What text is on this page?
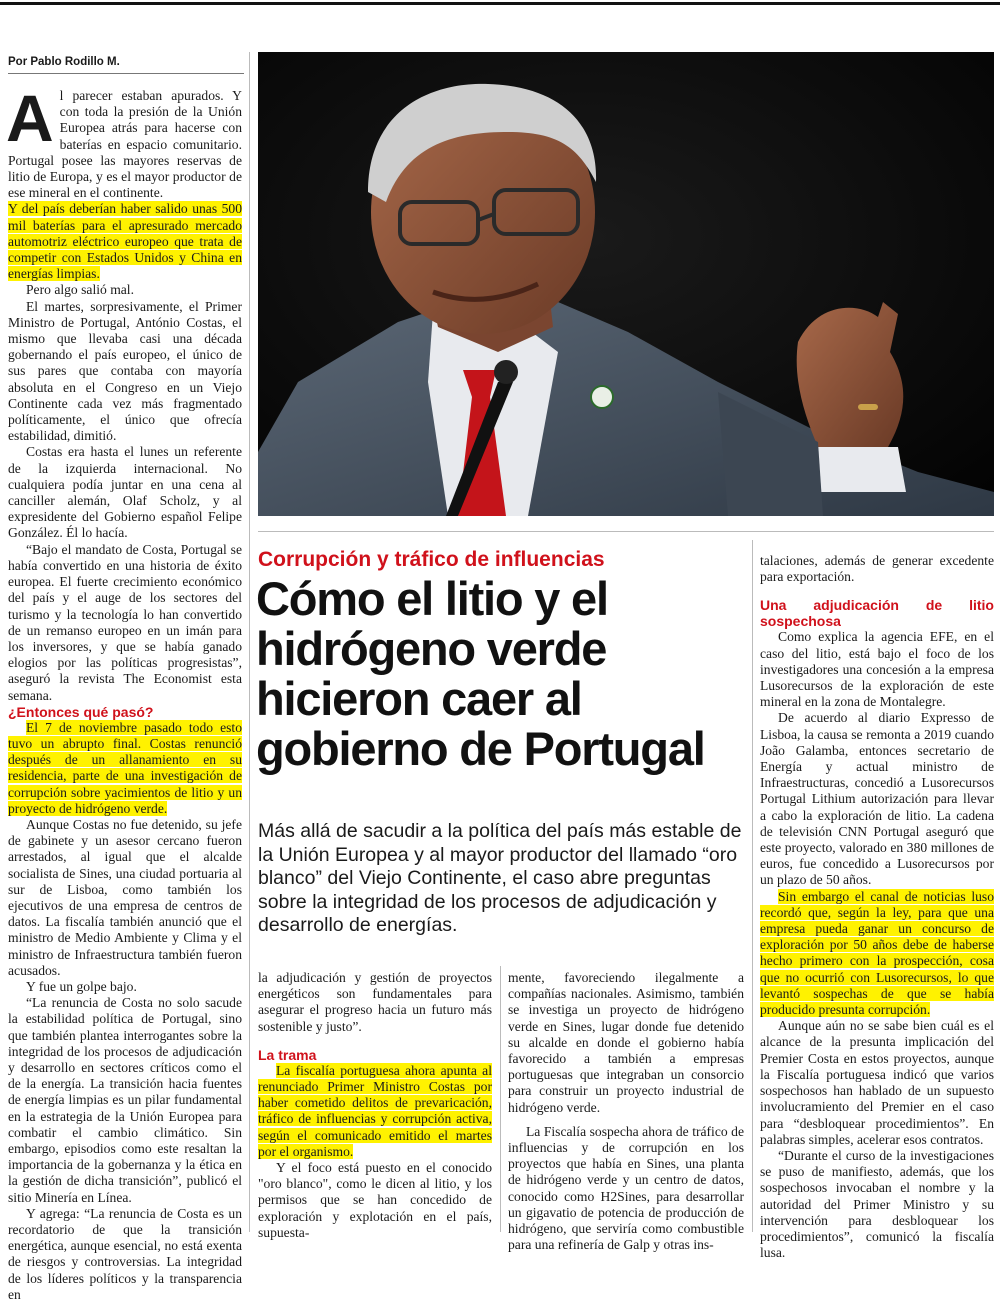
Por Pablo Rodillo M.

Al parecer estaban apurados. Y con toda la presión de la Unión Europea atrás para hacerse con baterías en espacio comunitario. Portugal posee las mayores reservas de litio de Europa, y es el mayor productor de ese mineral en el continente.

Y del país deberían haber salido unas 500 mil baterías para el apresurado mercado automotriz eléctrico europeo que trata de competir con Estados Unidos y China en energías limpias.

Pero algo salió mal.

El martes, sorpresivamente, el Primer Ministro de Portugal, António Costas, el mismo que llevaba casi una década gobernando el país europeo, el único de sus pares que contaba con mayoría absoluta en el Congreso en un Viejo Continente cada vez más fragmentado políticamente, el único que ofrecía estabilidad, dimitió.

Costas era hasta el lunes un referente de la izquierda internacional. No cualquiera podía juntar en una cena al canciller alemán, Olaf Scholz, y al expresidente del Gobierno español Felipe González. Él lo hacía.

“Bajo el mandato de Costa, Portugal se había convertido en una historia de éxito europea. El fuerte crecimiento económico del país y el auge de los sectores del turismo y la tecnología lo han convertido de un remanso europeo en un imán para los inversores, y que se había ganado elogios por las políticas progresistas”, aseguró la revista The Economist esta semana.

¿Entonces qué pasó?

El 7 de noviembre pasado todo esto tuvo un abrupto final. Costas renunció después de un allanamiento en su residencia, parte de una investigación de corrupción sobre yacimientos de litio y un proyecto de hidrógeno verde.

Aunque Costas no fue detenido, su jefe de gabinete y un asesor cercano fueron arrestados, al igual que el alcalde socialista de Sines, una ciudad portuaria al sur de Lisboa, como también los ejecutivos de una empresa de centros de datos. La fiscalía también anunció que el ministro de Medio Ambiente y Clima y el ministro de Infraestructura también fueron acusados.

Y fue un golpe bajo.

“La renuncia de Costa no solo sacude la estabilidad política de Portugal, sino que también plantea interrogantes sobre la integridad de los procesos de adjudicación y desarrollo en sectores críticos como el de la energía. La transición hacia fuentes de energía limpias es un pilar fundamental en la estrategia de la Unión Europea para combatir el cambio climático. Sin embargo, episodios como este resaltan la importancia de la gobernanza y la ética en la gestión de dicha transición”, publicó el sitio Minería en Línea.

Y agrega: “La renuncia de Costa es un recordatorio de que la transición energética, aunque esencial, no está exenta de riesgos y controversias. La integridad de los líderes políticos y la transparencia en

Corrupción y tráfico de influencias
Cómo el litio y el hidrógeno verde hicieron caer al gobierno de Portugal
Más allá de sacudir a la política del país más estable de la Unión Europea y al mayor productor del llamado “oro blanco” del Viejo Continente, el caso abre preguntas sobre la integridad de los procesos de adjudicación y desarrollo de energías.

la adjudicación y gestión de proyectos energéticos son fundamentales para asegurar el progreso hacia un futuro más sostenible y justo”.

La trama

La fiscalía portuguesa ahora apunta al renunciado Primer Ministro Costas por haber cometido delitos de prevaricación, tráfico de influencias y corrupción activa, según el comunicado emitido el martes por el organismo.

Y el foco está puesto en el conocido "oro blanco", como le dicen al litio, y los permisos que se han concedido de exploración y explotación en el país, supuesta-

mente, favoreciendo ilegalmente a compañías nacionales. Asimismo, también se investiga un proyecto de hidrógeno verde en Sines, lugar donde fue detenido su alcalde en donde el gobierno había favorecido a también a empresas portuguesas que integraban un consorcio para construir un proyecto industrial de hidrógeno verde.

La Fiscalía sospecha ahora de tráfico de influencias y de corrupción en los proyectos que había en Sines, una planta de hidrógeno verde y un centro de datos, conocido como H2Sines, para desarrollar un gigavatio de potencia de producción de hidrógeno, que serviría como combustible para una refinería de Galp y otras ins-

talaciones, además de generar excedente para exportación.

Una adjudicación de litio sospechosa

Como explica la agencia EFE, en el caso del litio, está bajo el foco de los investigadores una concesión a la empresa Lusorecursos de la exploración de este mineral en la zona de Montalegre.

De acuerdo al diario Expresso de Lisboa, la causa se remonta a 2019 cuando João Galamba, entonces secretario de Energía y actual ministro de Infraestructuras, concedió a Lusorecursos Portugal Lithium autorización para llevar a cabo la exploración de litio. La cadena de televisión CNN Portugal aseguró que este proyecto, valorado en 380 millones de euros, fue concedido a Lusorecursos por un plazo de 50 años.

Sin embargo el canal de noticias luso recordó que, según la ley, para que una empresa pueda ganar un concurso de exploración por 50 años debe de haberse hecho primero con la prospección, cosa que no ocurrió con Lusorecursos, lo que levantó sospechas de que se había producido presunta corrupción.

Aunque aún no se sabe bien cuál es el alcance de la presunta implicación del Premier Costa en estos proyectos, aunque la Fiscalía portuguesa indicó que varios sospechosos han hablado de un supuesto involucramiento del Premier en el caso para “desbloquear procedimientos”. En palabras simples, acelerar esos contratos.

“Durante el curso de la investigaciones se puso de manifiesto, además, que los sospechosos invocaban el nombre y la autoridad del Primer Ministro y su intervención para desbloquear los procedimientos”, comunicó la fiscalía lusa.
